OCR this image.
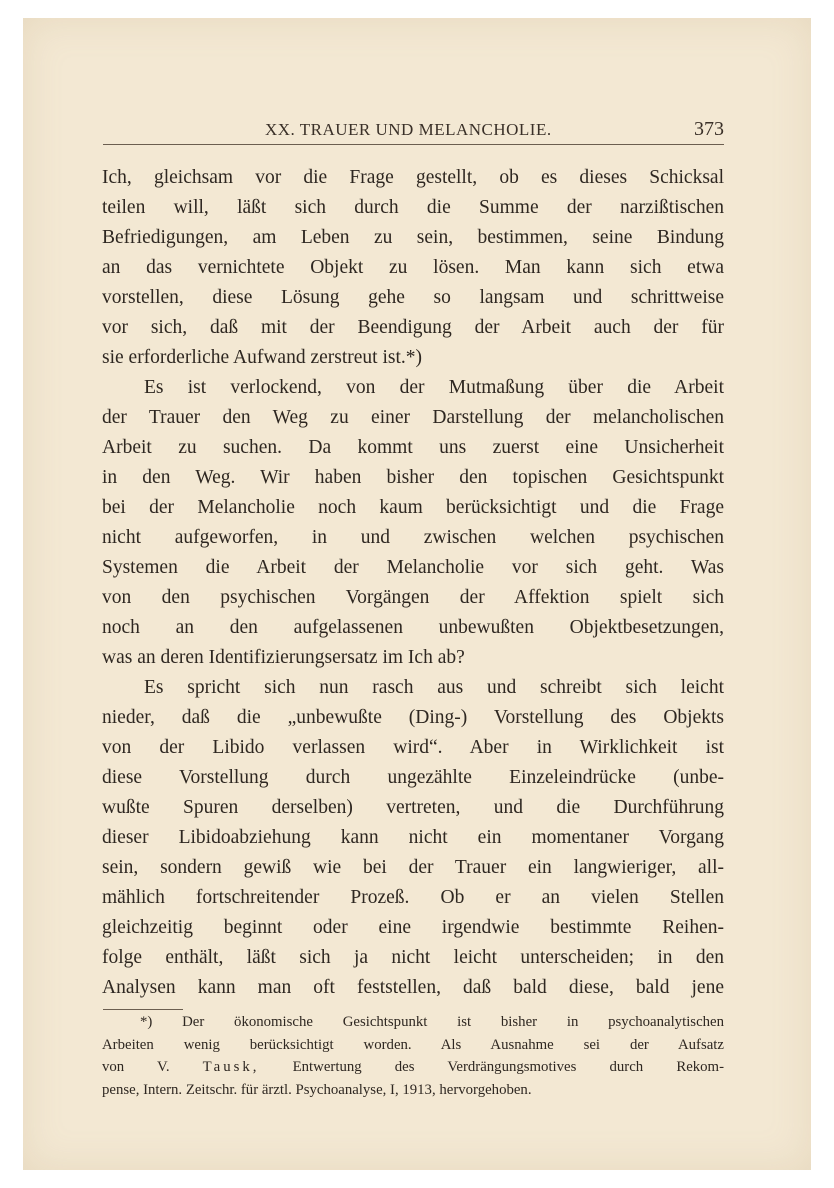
XX. TRAUER UND MELANCHOLIE.	373
Ich, gleichsam vor die Frage gestellt, ob es dieses Schicksal
teilen will, läßt sich durch die Summe der narzißtischen
Befriedigungen, am Leben zu sein, bestimmen, seine Bindung
an das vernichtete Objekt zu lösen. Man kann sich etwa
vorstellen, diese Lösung gehe so langsam und schrittweise
vor sich, daß mit der Beendigung der Arbeit auch der für
sie erforderliche Aufwand zerstreut ist.*)
Es ist verlockend, von der Mutmaßung über die Arbeit
der Trauer den Weg zu einer Darstellung der melancholischen
Arbeit zu suchen. Da kommt uns zuerst eine Unsicherheit
in den Weg. Wir haben bisher den topischen Gesichtspunkt
bei der Melancholie noch kaum berücksichtigt und die Frage
nicht aufgeworfen, in und zwischen welchen psychischen
Systemen die Arbeit der Melancholie vor sich geht. Was
von den psychischen Vorgängen der Affektion spielt sich
noch an den aufgelassenen unbewußten Objektbesetzungen,
was an deren Identifizierungsersatz im Ich ab?
Es spricht sich nun rasch aus und schreibt sich leicht
nieder, daß die „unbewußte (Ding-) Vorstellung des Objekts
von der Libido verlassen wird“. Aber in Wirklichkeit ist
diese Vorstellung durch ungezählte Einzeleindrücke (unbe-
wußte Spuren derselben) vertreten, und die Durchführung
dieser Libidoabziehung kann nicht ein momentaner Vorgang
sein, sondern gewiß wie bei der Trauer ein langwieriger, all-
mählich fortschreitender Prozeß. Ob er an vielen Stellen
gleichzeitig beginnt oder eine irgendwie bestimmte Reihen-
folge enthält, läßt sich ja nicht leicht unterscheiden; in den
Analysen kann man oft feststellen, daß bald diese, bald jene
*) Der ökonomische Gesichtspunkt ist bisher in psychoanalytischen
Arbeiten wenig berücksichtigt worden. Als Ausnahme sei der Aufsatz
von V. Tausk, Entwertung des Verdrängungsmotives durch Rekom-
pense, Intern. Zeitschr. für ärztl. Psychoanalyse, I, 1913, hervorgehoben.
